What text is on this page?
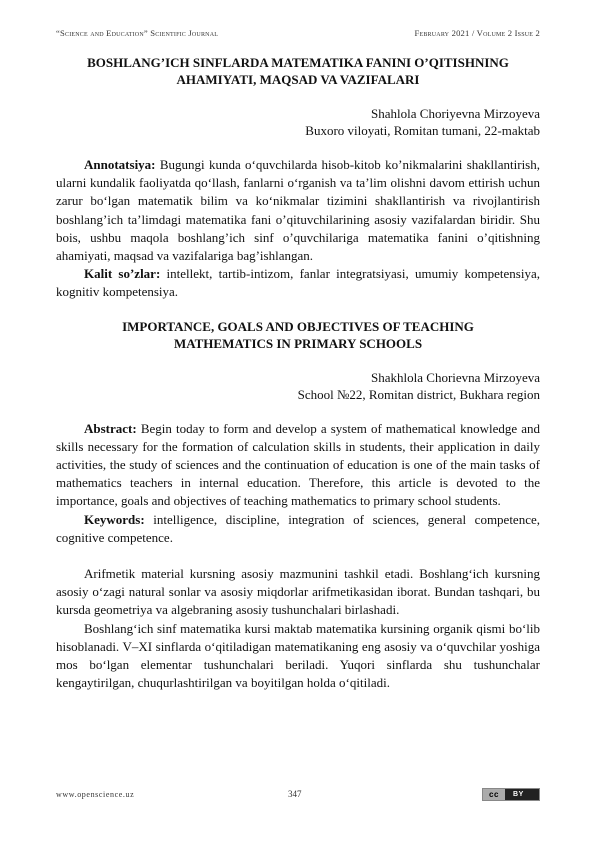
“Science and Education” Scientific Journal	February 2021 / Volume 2 Issue 2

BOSHLANG’ICH SINFLARDA MATEMATIKA FANINI O’QITISHNING
AHAMIYATI, MAQSAD VA VAZIFALARI

Shahlola Choriyevna Mirzoyeva
Buxoro viloyati, Romitan tumani, 22-maktab

Annotatsiya: Bugungi kunda o‘quvchilarda hisob-kitob ko’nikmalarini shakllantirish, ularni kundalik faoliyatda qo‘llash, fanlarni o‘rganish va ta’lim olishni davom ettirish uchun zarur bo‘lgan matematik bilim va ko‘nikmalar tizimini shakllantirish va rivojlantirish boshlang’ich ta’limdagi matematika fani o’qituvchilarining asosiy vazifalardan biridir. Shu bois, ushbu maqola boshlang’ich sinf o’quvchilariga matematika fanini o’qitishning ahamiyati, maqsad va vazifalariga bag’ishlangan.

Kalit so’zlar: intellekt, tartib-intizom, fanlar integratsiyasi, umumiy kompetensiya, kognitiv kompetensiya.

IMPORTANCE, GOALS AND OBJECTIVES OF TEACHING
MATHEMATICS IN PRIMARY SCHOOLS

Shakhlola Chorievna Mirzoyeva
School №22, Romitan district, Bukhara region

Abstract: Begin today to form and develop a system of mathematical knowledge and skills necessary for the formation of calculation skills in students, their application in daily activities, the study of sciences and the continuation of education is one of the main tasks of mathematics teachers in internal education. Therefore, this article is devoted to the importance, goals and objectives of teaching mathematics to primary school students.

Keywords: intelligence, discipline, integration of sciences, general competence, cognitive competence.

Arifmetik material kursning asosiy mazmunini tashkil etadi. Boshlang‘ich kursning asosiy o‘zagi natural sonlar va asosiy miqdorlar arifmetikasidan iborat. Bundan tashqari, bu kursda geometriya va algebraning asosiy tushunchalari birlashadi.

Boshlang‘ich sinf matematika kursi maktab matematika kursining organik qismi bo‘lib hisoblanadi. V–XI sinflarda o‘qitiladigan matematikaning eng asosiy va o‘quvchilar yoshiga mos bo‘lgan elementar tushunchalari beriladi. Yuqori sinflarda shu tushunchalar kengaytirilgan, chuqurlashtirilgan va boyitilgan holda o‘qitiladi.

www.openscience.uz	347	cc	BY
